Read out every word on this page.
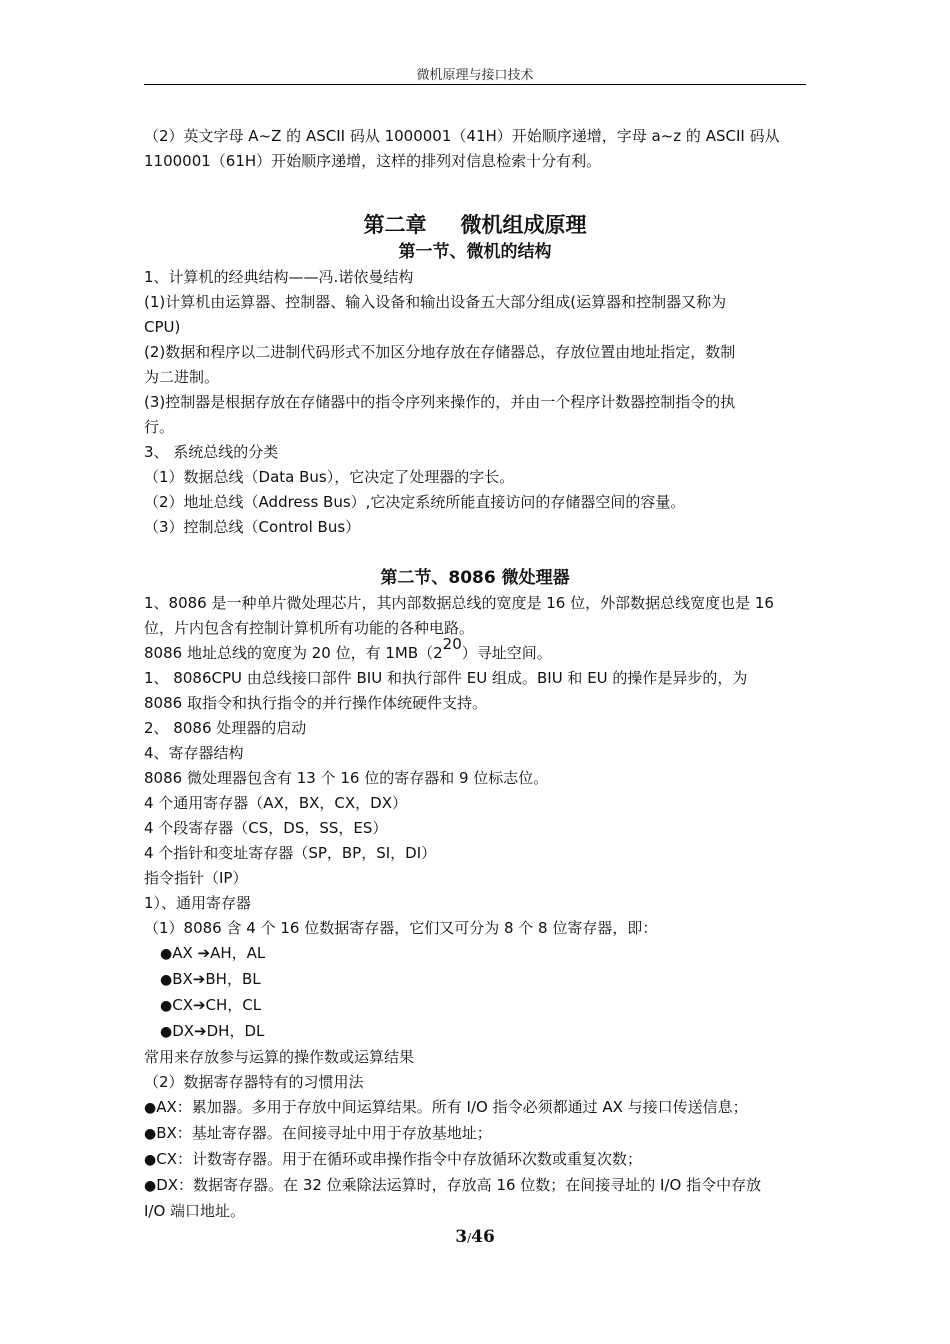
微机原理与接口技术
（2）英文字母 A~Z 的 ASCII 码从 1000001（41H）开始顺序递增，字母 a~z 的 ASCII 码从
1100001（61H）开始顺序递增，这样的排列对信息检索十分有利。
第二章 微机组成原理
第一节、微机的结构
1、计算机的经典结构——冯.诺依曼结构
(1)计算机由运算器、控制器、输入设备和输出设备五大部分组成(运算器和控制器又称为
CPU)
(2)数据和程序以二进制代码形式不加区分地存放在存储器总，存放位置由地址指定，数制
为二进制。
(3)控制器是根据存放在存储器中的指令序列来操作的，并由一个程序计数器控制指令的执
行。
3、 系统总线的分类
（1）数据总线（Data Bus），它决定了处理器的字长。
（2）地址总线（Address Bus）,它决定系统所能直接访问的存储器空间的容量。
（3）控制总线（Control Bus）
第二节、8086 微处理器
1、8086 是一种单片微处理芯片，其内部数据总线的宽度是 16 位，外部数据总线宽度也是 16
位，片内包含有控制计算机所有功能的各种电路。
8086 地址总线的宽度为 20 位，有 $1MB(2^{20})$寻址空间。
1、 8086CPU 由总线接口部件 BIU 和执行部件 EU 组成。BIU 和 EU 的操作是异步的，为
8086 取指令和执行指令的并行操作体统硬件支持。
2、 8086 处理器的启动
4、寄存器结构
8086 微处理器包含有 13 个 16 位的寄存器和 9 位标志位。
4 个通用寄存器（AX，BX，CX，DX）
4 个段寄存器（CS，DS，SS，ES）
4 个指针和变址寄存器（SP，BP，SI，DI）
指令指针（IP）
1）、通用寄存器
（1）8086 含 4 个 16 位数据寄存器，它们又可分为 8 个 8 位寄存器，即：
●AX ➔AH，AL
●BX➔BH，BL
●CX➔CH，CL
●DX➔DH，DL
常用来存放参与运算的操作数或运算结果
（2）数据寄存器特有的习惯用法
●AX：累加器。多用于存放中间运算结果。所有 I/O 指令必须都通过 AX 与接口传送信息；
●BX：基址寄存器。在间接寻址中用于存放基地址；
●CX：计数寄存器。用于在循环或串操作指令中存放循环次数或重复次数；
●DX：数据寄存器。在 32 位乘除法运算时，存放高 16 位数；在间接寻址的 I/O 指令中存放
I/O 端口地址。
3/46
